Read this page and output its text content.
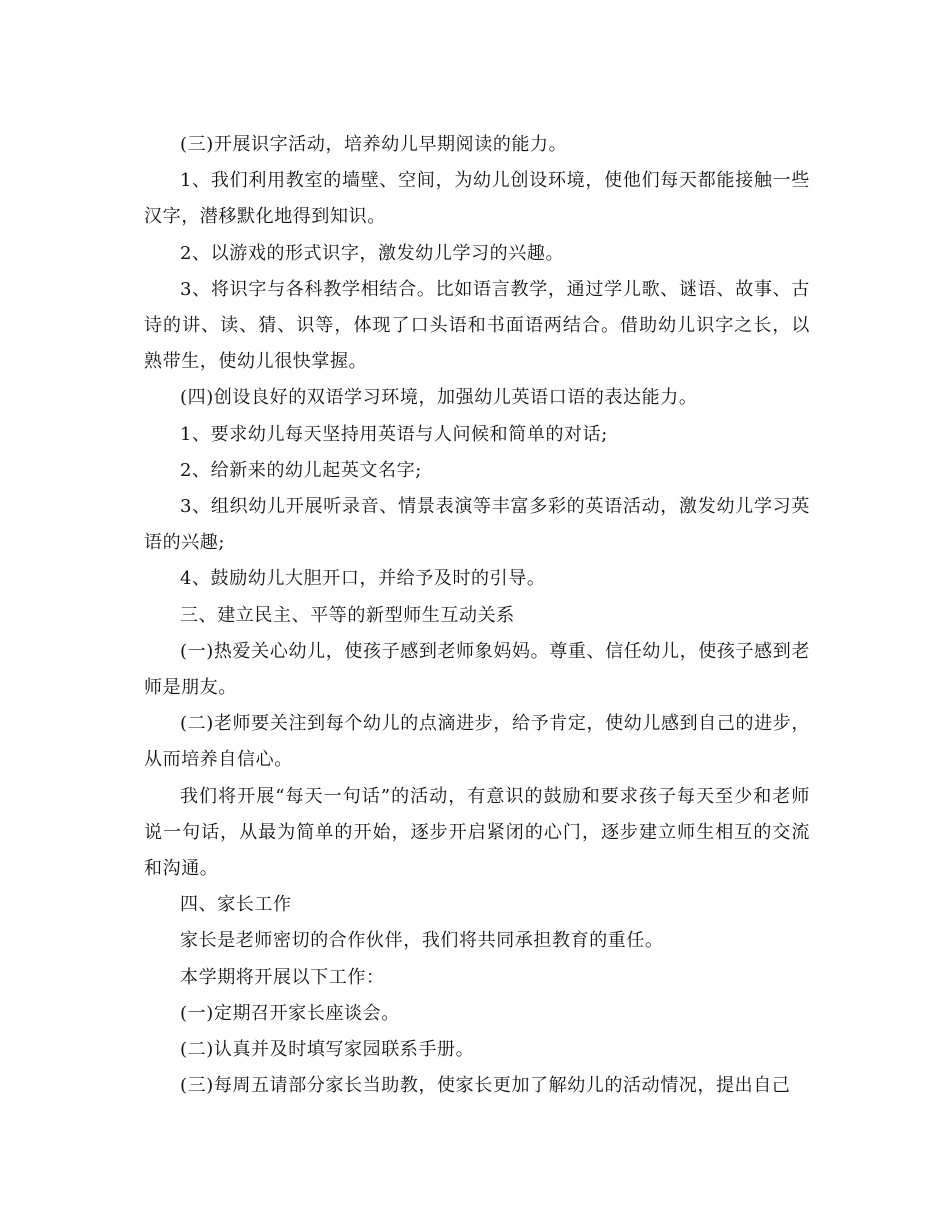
(三)开展识字活动，培养幼儿早期阅读的能力。

1、我们利用教室的墙壁、空间，为幼儿创设环境，使他们每天都能接触一些汉字，潜移默化地得到知识。

2、以游戏的形式识字，激发幼儿学习的兴趣。

3、将识字与各科教学相结合。比如语言教学，通过学儿歌、谜语、故事、古诗的讲、读、猜、识等，体现了口头语和书面语两结合。借助幼儿识字之长，以熟带生，使幼儿很快掌握。

(四)创设良好的双语学习环境，加强幼儿英语口语的表达能力。

1、要求幼儿每天坚持用英语与人问候和简单的对话;

2、给新来的幼儿起英文名字;

3、组织幼儿开展听录音、情景表演等丰富多彩的英语活动，激发幼儿学习英语的兴趣;

4、鼓励幼儿大胆开口，并给予及时的引导。

三、建立民主、平等的新型师生互动关系

(一)热爱关心幼儿，使孩子感到老师象妈妈。尊重、信任幼儿，使孩子感到老师是朋友。

(二)老师要关注到每个幼儿的点滴进步，给予肯定，使幼儿感到自己的进步，从而培养自信心。

我们将开展“每天一句话”的活动，有意识的鼓励和要求孩子每天至少和老师说一句话，从最为简单的开始，逐步开启紧闭的心门，逐步建立师生相互的交流和沟通。

四、家长工作

家长是老师密切的合作伙伴，我们将共同承担教育的重任。

本学期将开展以下工作：

(一)定期召开家长座谈会。

(二)认真并及时填写家园联系手册。

(三)每周五请部分家长当助教，使家长更加了解幼儿的活动情况，提出自己
